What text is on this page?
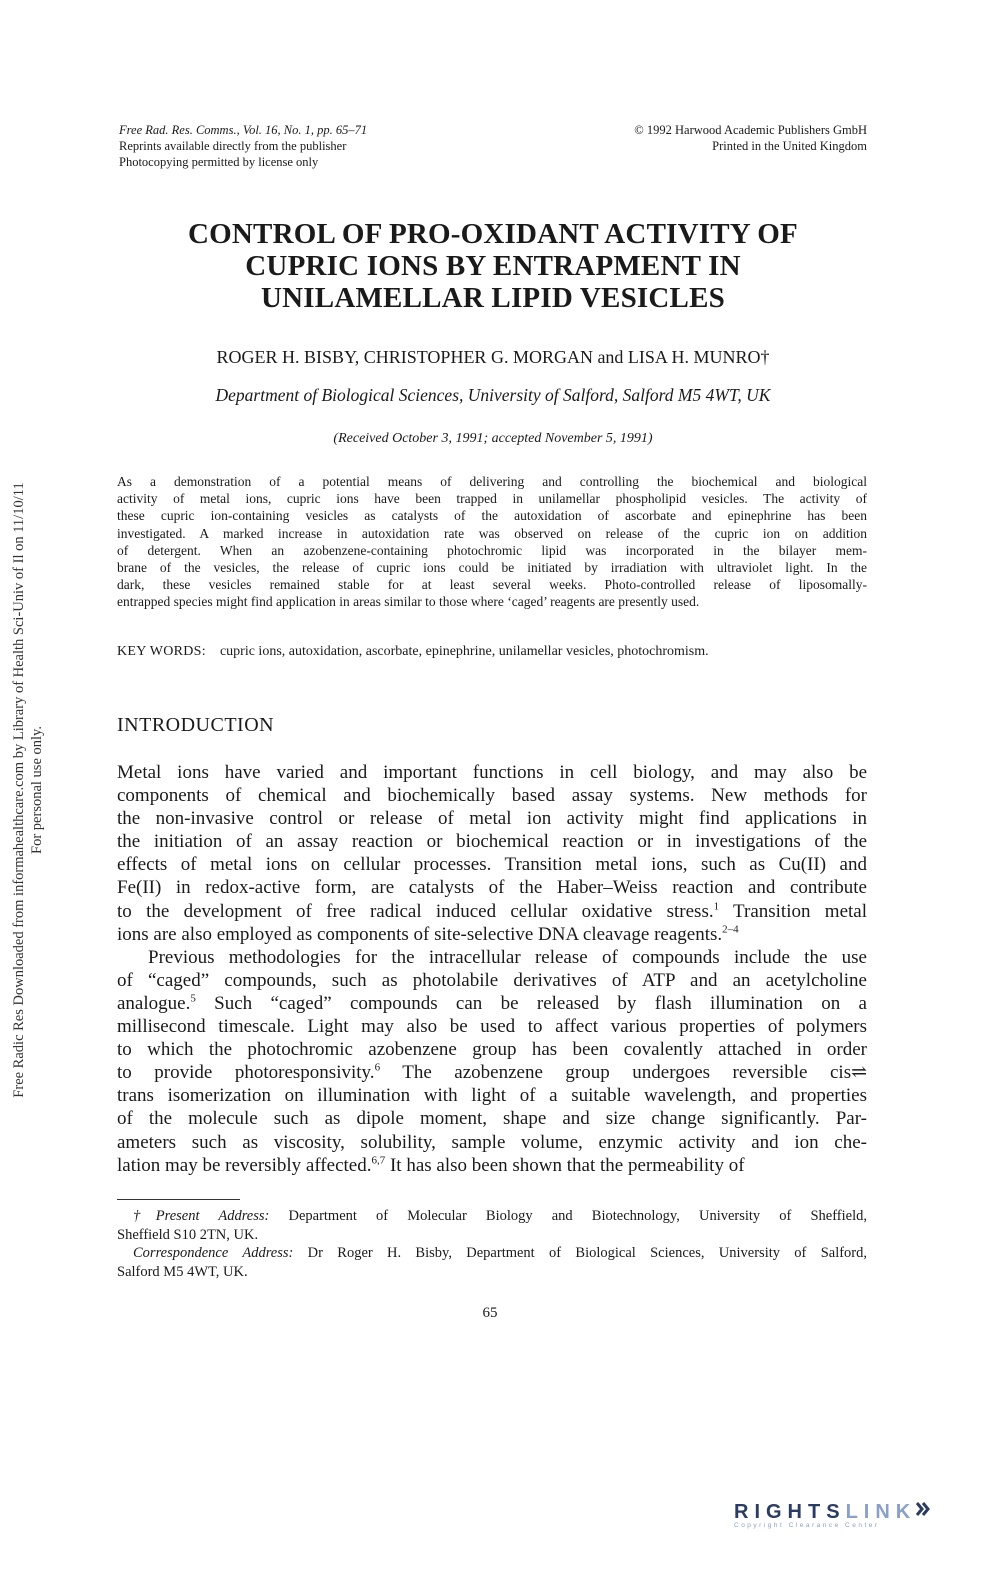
Free Rad. Res. Comms., Vol. 16, No. 1, pp. 65–71
Reprints available directly from the publisher
Photocopying permitted by license only
© 1992 Harwood Academic Publishers GmbH
Printed in the United Kingdom
CONTROL OF PRO-OXIDANT ACTIVITY OF
CUPRIC IONS BY ENTRAPMENT IN
UNILAMELLAR LIPID VESICLES
ROGER H. BISBY, CHRISTOPHER G. MORGAN and LISA H. MUNRO†
Department of Biological Sciences, University of Salford, Salford M5 4WT, UK
(Received October 3, 1991; accepted November 5, 1991)
As a demonstration of a potential means of delivering and controlling the biochemical and biological
activity of metal ions, cupric ions have been trapped in unilamellar phospholipid vesicles. The activity of
these cupric ion-containing vesicles as catalysts of the autoxidation of ascorbate and epinephrine has been
investigated. A marked increase in autoxidation rate was observed on release of the cupric ion on addition
of detergent. When an azobenzene-containing photochromic lipid was incorporated in the bilayer mem-
brane of the vesicles, the release of cupric ions could be initiated by irradiation with ultraviolet light. In the
dark, these vesicles remained stable for at least several weeks. Photo-controlled release of liposomally-
entrapped species might find application in areas similar to those where ‘caged’ reagents are presently used.
KEY WORDS: cupric ions, autoxidation, ascorbate, epinephrine, unilamellar vesicles, photochromism.
INTRODUCTION
Metal ions have varied and important functions in cell biology, and may also be
components of chemical and biochemically based assay systems. New methods for
the non-invasive control or release of metal ion activity might find applications in
the initiation of an assay reaction or biochemical reaction or in investigations of the
effects of metal ions on cellular processes. Transition metal ions, such as Cu(II) and
Fe(II) in redox-active form, are catalysts of the Haber–Weiss reaction and contribute
to the development of free radical induced cellular oxidative stress.$^1$ Transition metal
ions are also employed as components of site-selective DNA cleavage reagents.$^{2-4}$
Previous methodologies for the intracellular release of compounds include the use
of “caged” compounds, such as photolabile derivatives of ATP and an acetylcholine
analogue.$^5$ Such “caged” compounds can be released by flash illumination on a
millisecond timescale. Light may also be used to affect various properties of polymers
to which the photochromic azobenzene group has been covalently attached in order
to provide photoresponsivity.$^6$ The azobenzene group undergoes reversible cis⇌
trans isomerization on illumination with light of a suitable wavelength, and properties
of the molecule such as dipole moment, shape and size change significantly. Par-
ameters such as viscosity, solubility, sample volume, enzymic activity and ion che-
lation may be reversibly affected.$^{6,7}$ It has also been shown that the permeability of
†Present Address: Department of Molecular Biology and Biotechnology, University of Sheffield,
Sheffield S10 2TN, UK.
Correspondence Address: Dr Roger H. Bisby, Department of Biological Sciences, University of Salford,
Salford M5 4WT, UK.
65
Free Radic Res Downloaded from informahealthcare.com by Library of Health Sci-Univ of Il on 11/10/11 For personal use only.
RIGHTSLINK
Copyright Clearance Center
